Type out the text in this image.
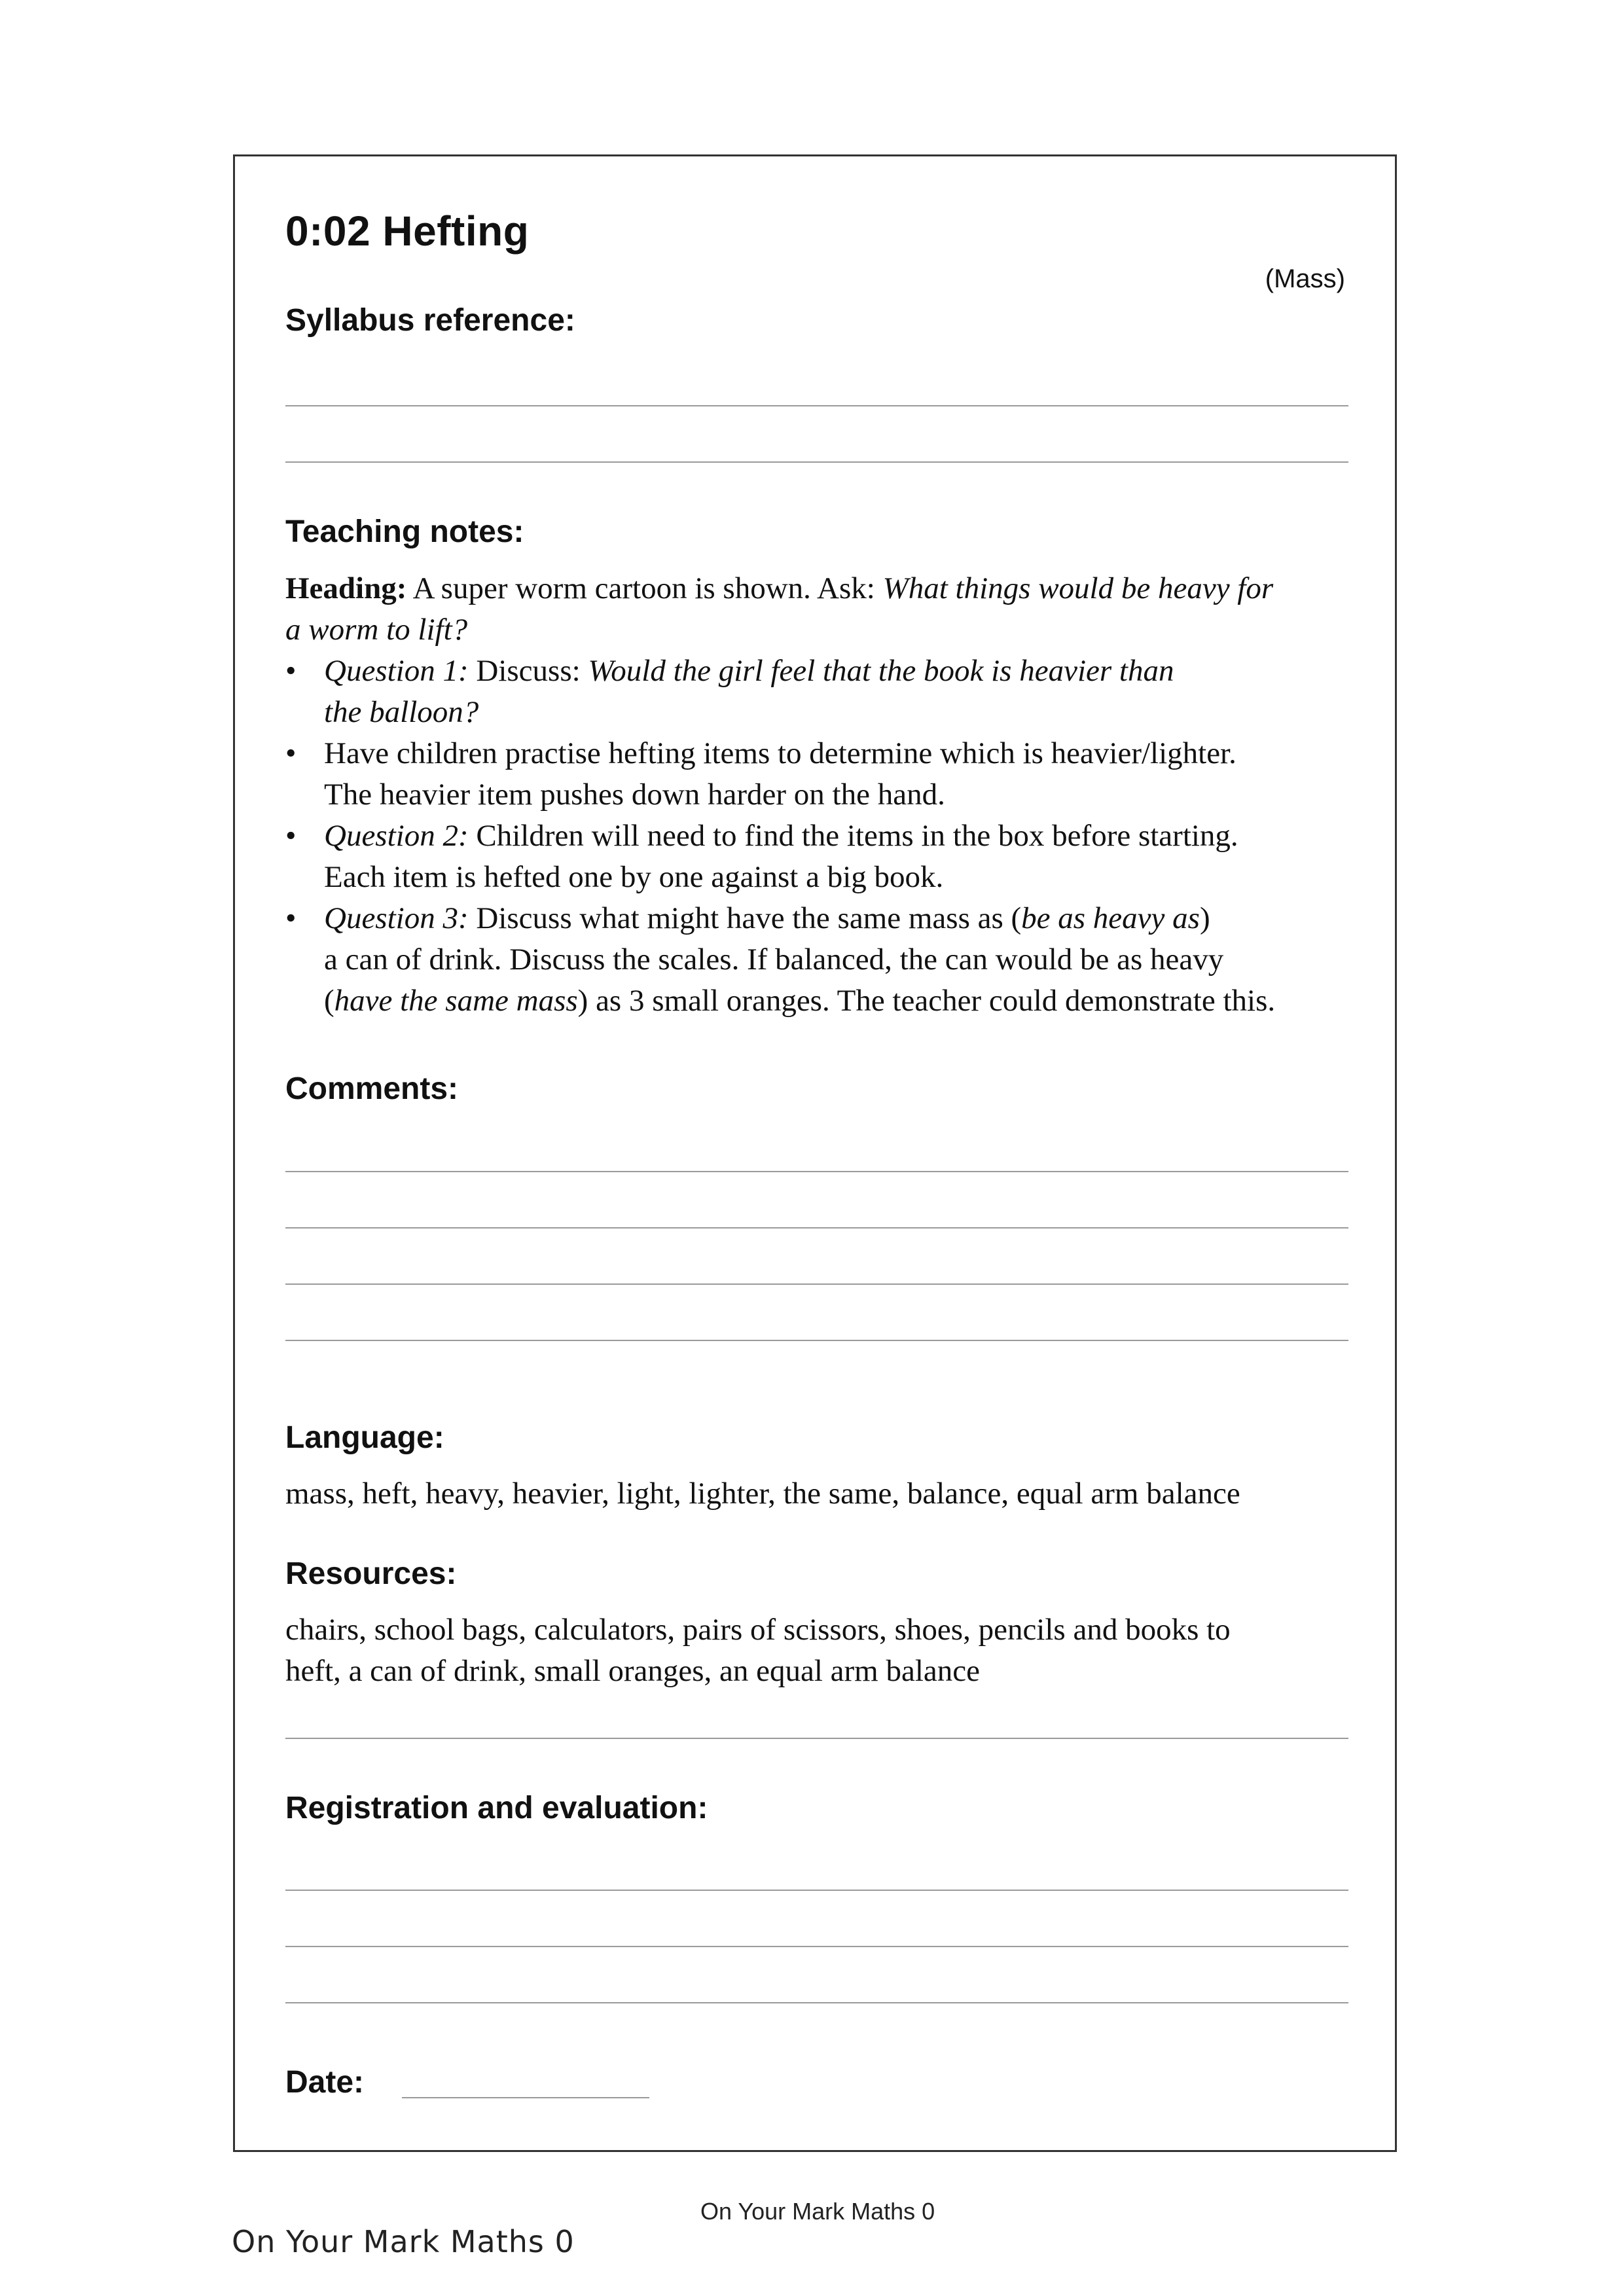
0:02 Hefting
(Mass)
Syllabus reference:
Teaching notes:

Heading: A super worm cartoon is shown. Ask: What things would be heavy for
a worm to lift?

• Question 1: Discuss: Would the girl feel that the book is heavier than
the balloon?
• Have children practise hefting items to determine which is heavier/lighter.
The heavier item pushes down harder on the hand.
• Question 2: Children will need to find the items in the box before starting.
Each item is hefted one by one against a big book.
• Question 3: Discuss what might have the same mass as (be as heavy as)
a can of drink. Discuss the scales. If balanced, the can would be as heavy
(have the same mass) as 3 small oranges. The teacher could demonstrate this.
Comments:
Language:
mass, heft, heavy, heavier, light, lighter, the same, balance, equal arm balance
Resources:
chairs, school bags, calculators, pairs of scissors, shoes, pencils and books to
heft, a can of drink, small oranges, an equal arm balance
Registration and evaluation:
Date:
On Your Mark Maths 0
On Your Mark Maths 0
